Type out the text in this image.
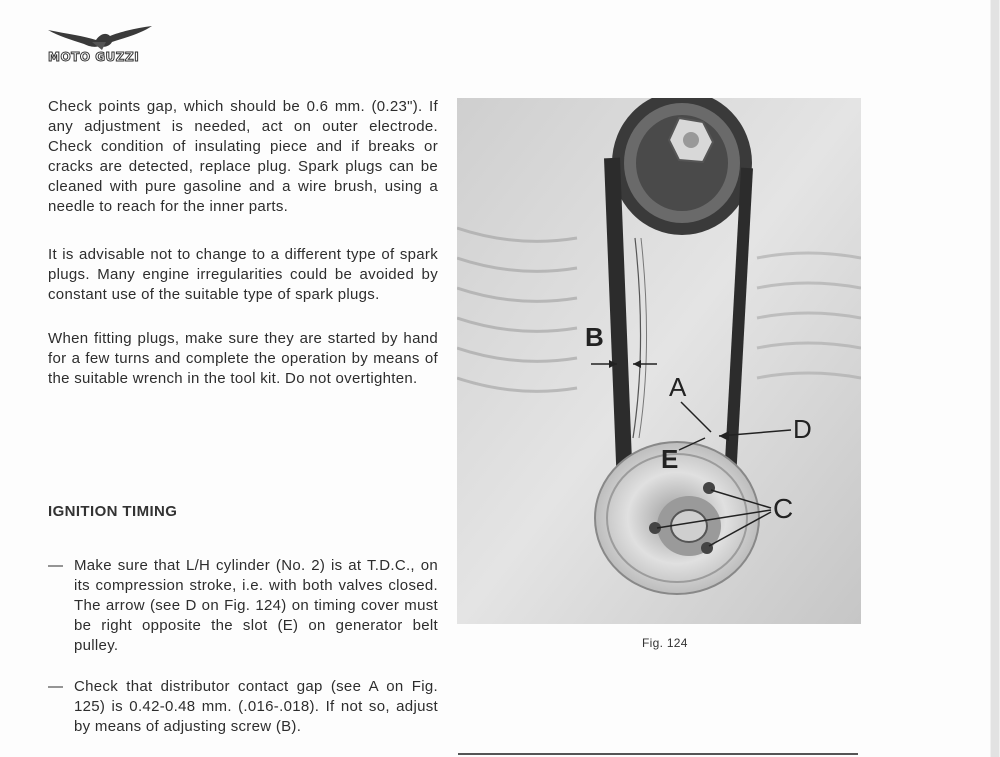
MOTO GUZZI

Check points gap, which should be 0.6 mm. (0.23"). If any adjustment is needed, act on outer electrode. Check condition of insulating piece and if breaks or cracks are detected, replace plug. Spark plugs can be cleaned with pure gasoline and a wire brush, using a needle to reach for the inner parts.

It is advisable not to change to a different type of spark plugs. Many engine irregularities could be avoided by constant use of the suitable type of spark plugs.

When fitting plugs, make sure they are started by hand for a few turns and complete the operation by means of the suitable wrench in the tool kit. Do not overtighten.

IGNITION TIMING
— Make sure that L/H cylinder (No. 2) is at T.D.C., on its compression stroke, i.e. with both valves closed. The arrow (see D on Fig. 124) on timing cover must be right opposite the slot (E) on generator belt pulley.
— Check that distributor contact gap (see A on Fig. 125) is 0.42-0.48 mm. (.016-.018). If not so, adjust by means of adjusting screw (B).
B
A
D
E
C

Fig. 124
